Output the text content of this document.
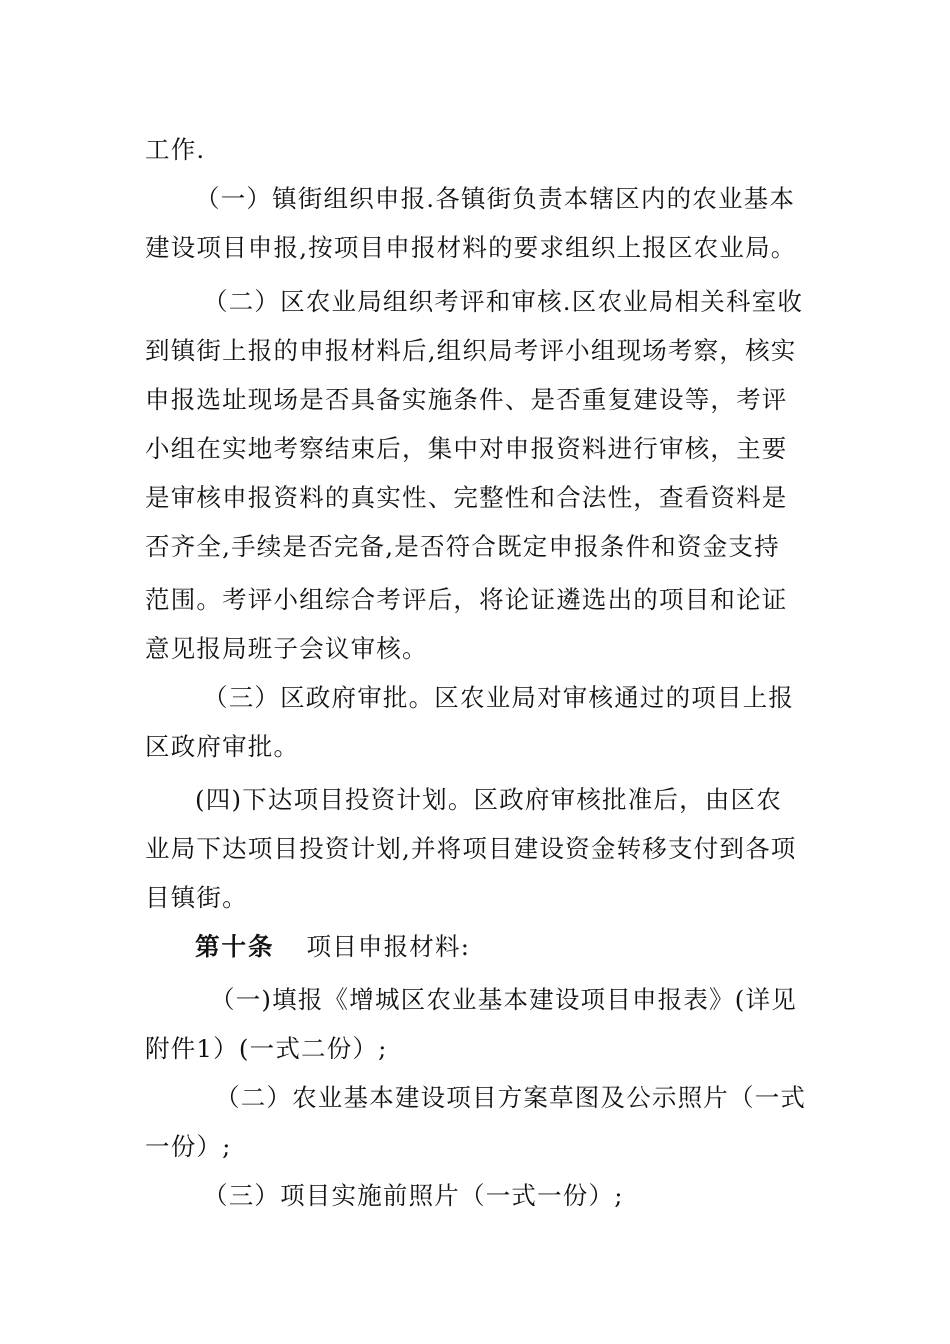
工作.
（一）镇街组织申报.各镇街负责本辖区内的农业基本
建设项目申报,按项目申报材料的要求组织上报区农业局。
（二）区农业局组织考评和审核.区农业局相关科室收
到镇街上报的申报材料后,组织局考评小组现场考察，核实
申报选址现场是否具备实施条件、是否重复建设等，考评
小组在实地考察结束后，集中对申报资料进行审核，主要
是审核申报资料的真实性、完整性和合法性，查看资料是
否齐全,手续是否完备,是否符合既定申报条件和资金支持
范围。考评小组综合考评后，将论证遴选出的项目和论证
意见报局班子会议审核。
（三）区政府审批。区农业局对审核通过的项目上报
区政府审批。
(四)下达项目投资计划。区政府审核批准后，由区农
业局下达项目投资计划,并将项目建设资金转移支付到各项
目镇街。
第十条 项目申报材料:
（一)填报《增城区农业基本建设项目申报表》(详见
附件1）(一式二份）;
（二）农业基本建设项目方案草图及公示照片（一式
一份）;
（三）项目实施前照片（一式一份）;
